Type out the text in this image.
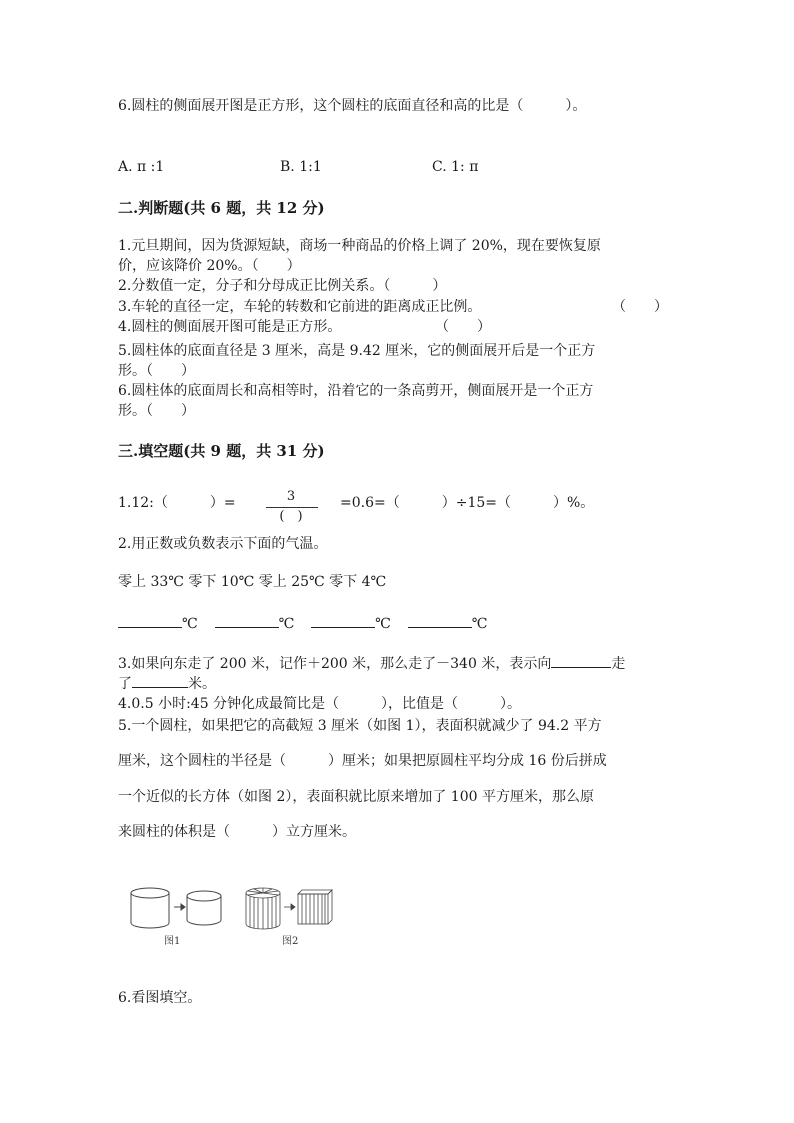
6.圆柱的侧面展开图是正方形，这个圆柱的底面直径和高的比是（　　　）。
A. π :1	B. 1:1	C. 1: π
二.判断题(共 6 题，共 12 分)
1.元旦期间，因为货源短缺，商场一种商品的价格上调了 20%，现在要恢复原
价，应该降价 20%。（　　）
2.分数值一定，分子和分母成正比例关系。（　　　）
3.车轮的直径一定，车轮的转数和它前进的距离成正比例。	（　　）
4.圆柱的侧面展开图可能是正方形。	（　　）
5.圆柱体的底面直径是 3 厘米，高是 9.42 厘米，它的侧面展开后是一个正方
形。（　　）
6.圆柱体的底面周长和高相等时，沿着它的一条高剪开，侧面展开是一个正方
形。（　　）
三.填空题(共 9 题，共 31 分)
1.12:（　　　）=	3
(　)
=0.6=（　　　）÷15=（　　　）%。
2.用正数或负数表示下面的气温。
零上 33℃ 零下 10℃ 零上 25℃ 零下 4℃
℃	℃	℃	℃
3.如果向东走了 200 米，记作＋200 米，那么走了－340 米，表示向	走
了	米。
4.0.5 小时:45 分钟化成最简比是（　　　），比值是（　　　）。
5.一个圆柱，如果把它的高截短 3 厘米（如图 1），表面积就减少了 94.2 平方
厘米，这个圆柱的半径是（　　　）厘米；如果把原圆柱平均分成 16 份后拼成
一个近似的长方体（如图 2），表面积就比原来增加了 100 平方厘米，那么原
来圆柱的体积是（　　　）立方厘米。
图1	图2
6.看图填空。
